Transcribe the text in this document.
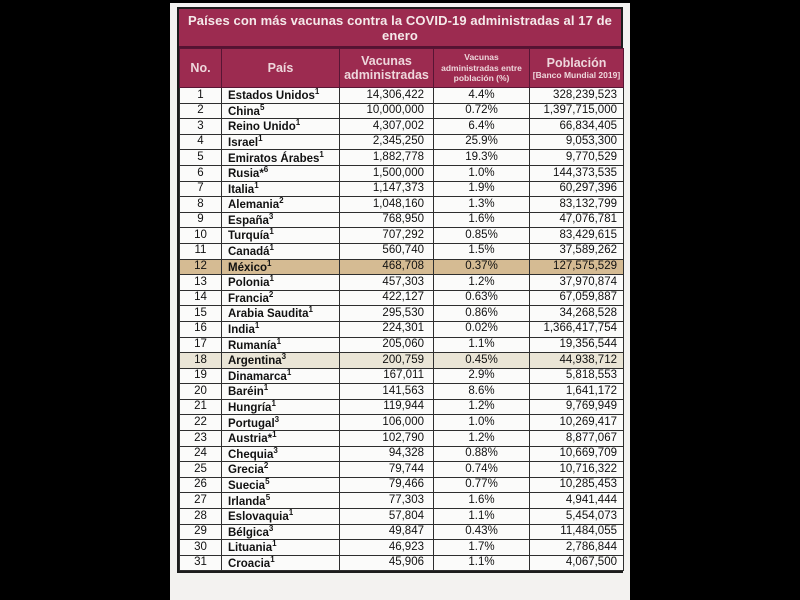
Países con más vacunas contra la COVID-19 administradas al 17 de enero
No.	País	Vacunas administradas	Vacunas administradas entre población (%)	Población
[Banco Mundial 2019]

1	Estados Unidos$^1$	14,306,422	4.4%	328,239,523
2	China$^5$	10,000,000	0.72%	1,397,715,000
3	Reino Unido$^1$	4,307,002	6.4%	66,834,405
4	Israel$^1$	2,345,250	25.9%	9,053,300
5	Emiratos Árabes$^1$	1,882,778	19.3%	9,770,529
6	Rusia*$^6$	1,500,000	1.0%	144,373,535
7	Italia$^1$	1,147,373	1.9%	60,297,396
8	Alemania$^2$	1,048,160	1.3%	83,132,799
9	España$^3$	768,950	1.6%	47,076,781
10	Turquía$^1$	707,292	0.85%	83,429,615
11	Canadá$^1$	560,740	1.5%	37,589,262
12	México$^1$	468,708	0.37%	127,575,529
13	Polonia$^1$	457,303	1.2%	37,970,874
14	Francia$^2$	422,127	0.63%	67,059,887
15	Arabia Saudita$^1$	295,530	0.86%	34,268,528
16	India$^1$	224,301	0.02%	1,366,417,754
17	Rumanía$^1$	205,060	1.1%	19,356,544
18	Argentina$^3$	200,759	0.45%	44,938,712
19	Dinamarca$^1$	167,011	2.9%	5,818,553
20	Baréin$^1$	141,563	8.6%	1,641,172
21	Hungría$^1$	119,944	1.2%	9,769,949
22	Portugal$^3$	106,000	1.0%	10,269,417
23	Austria*$^1$	102,790	1.2%	8,877,067
24	Chequia$^3$	94,328	0.88%	10,669,709
25	Grecia$^2$	79,744	0.74%	10,716,322
26	Suecia$^5$	79,466	0.77%	10,285,453
27	Irlanda$^5$	77,303	1.6%	4,941,444
28	Eslovaquia$^1$	57,804	1.1%	5,454,073
29	Bélgica$^3$	49,847	0.43%	11,484,055
30	Lituania$^1$	46,923	1.7%	2,786,844
31	Croacia$^1$	45,906	1.1%	4,067,500
